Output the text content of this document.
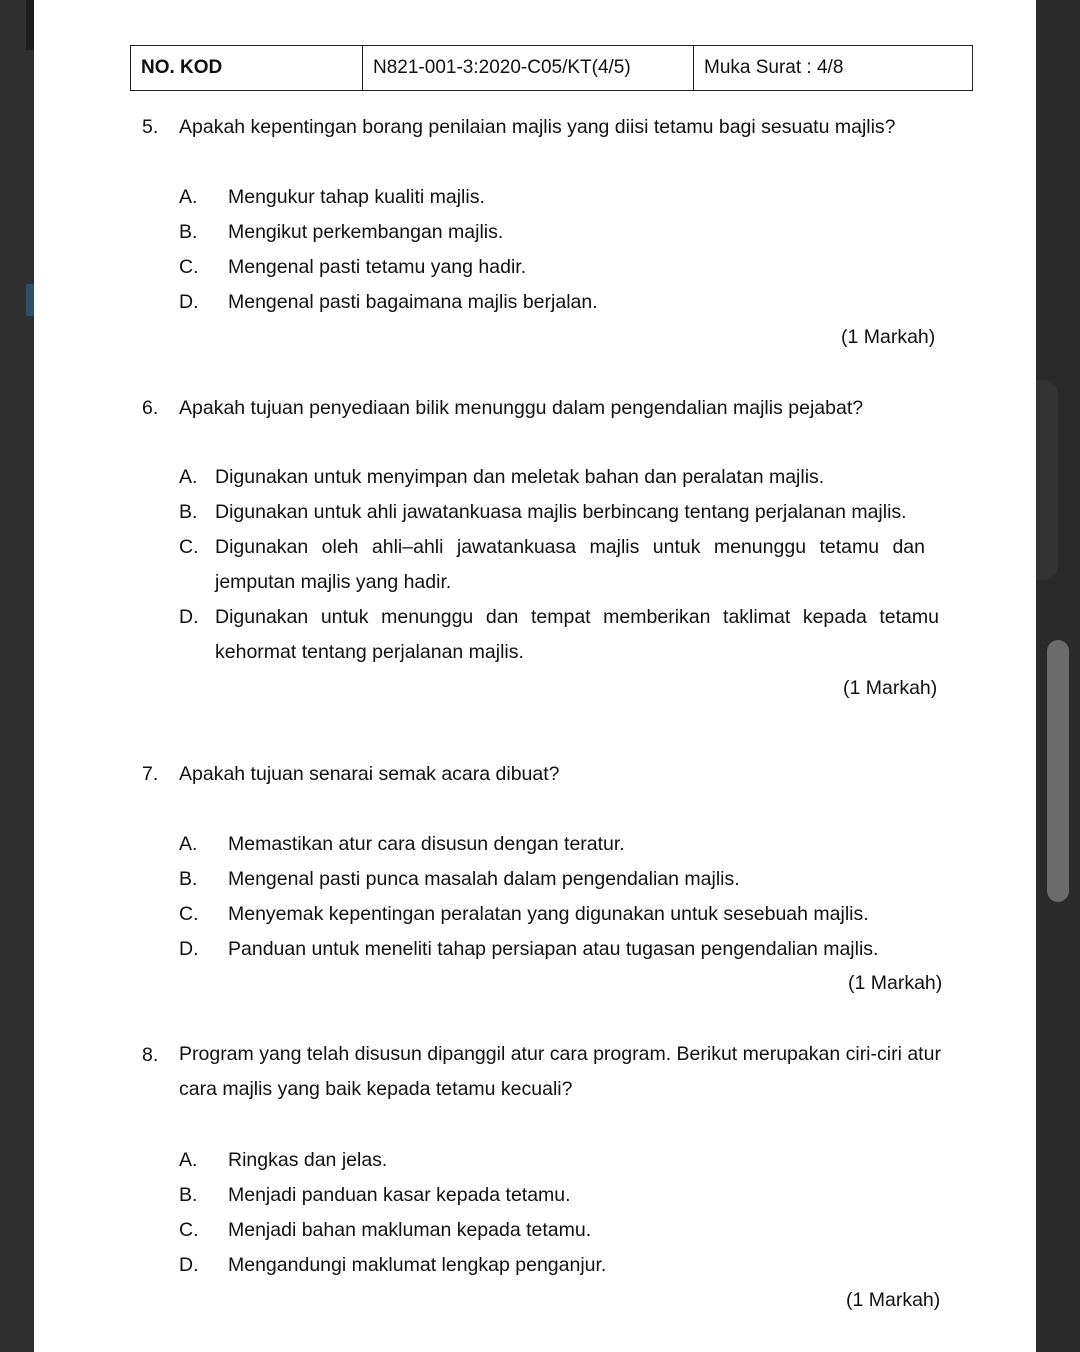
NO. KOD	N821-001-3:2020-C05/KT(4/5)	Muka Surat : 4/8
5. Apakah kepentingan borang penilaian majlis yang diisi tetamu bagi sesuatu majlis?
A. Mengukur tahap kualiti majlis.
B. Mengikut perkembangan majlis.
C. Mengenal pasti tetamu yang hadir.
D. Mengenal pasti bagaimana majlis berjalan.
(1 Markah)
6. Apakah tujuan penyediaan bilik menunggu dalam pengendalian majlis pejabat?
A. Digunakan untuk menyimpan dan meletak bahan dan peralatan majlis.
B. Digunakan untuk ahli jawatankuasa majlis berbincang tentang perjalanan majlis.
C. Digunakan oleh ahli–ahli jawatankuasa majlis untuk menunggu tetamu dan jemputan majlis yang hadir.
D. Digunakan untuk menunggu dan tempat memberikan taklimat kepada tetamu kehormat tentang perjalanan majlis.
(1 Markah)
7. Apakah tujuan senarai semak acara dibuat?
A. Memastikan atur cara disusun dengan teratur.
B. Mengenal pasti punca masalah dalam pengendalian majlis.
C. Menyemak kepentingan peralatan yang digunakan untuk sesebuah majlis.
D. Panduan untuk meneliti tahap persiapan atau tugasan pengendalian majlis.
(1 Markah)
8. Program yang telah disusun dipanggil atur cara program. Berikut merupakan ciri-ciri atur cara majlis yang baik kepada tetamu kecuali?
A. Ringkas dan jelas.
B. Menjadi panduan kasar kepada tetamu.
C. Menjadi bahan makluman kepada tetamu.
D. Mengandungi maklumat lengkap penganjur.
(1 Markah)
